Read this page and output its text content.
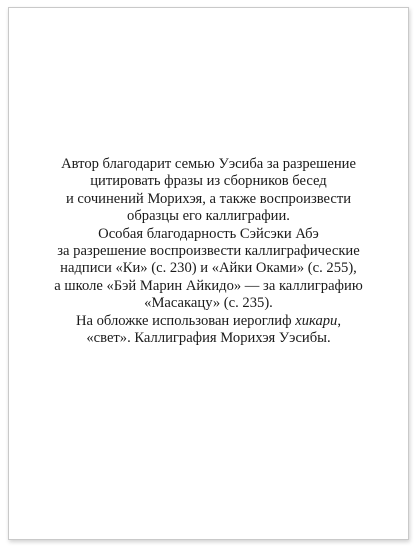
Автор благодарит семью Уэсиба за разрешение
цитировать фразы из сборников бесед
и сочинений Морихэя, а также воспроизвести
образцы его каллиграфии.
Особая благодарность Сэйсэки Абэ
за разрешение воспроизвести каллиграфические
надписи «Ки» (с. 230) и «Айки Оками» (с. 255),
а школе «Бэй Марин Айкидо» — за каллиграфию
«Масакацу» (с. 235).
На обложке использован иероглиф хикари,
«свет». Каллиграфия Морихэя Уэсибы.
